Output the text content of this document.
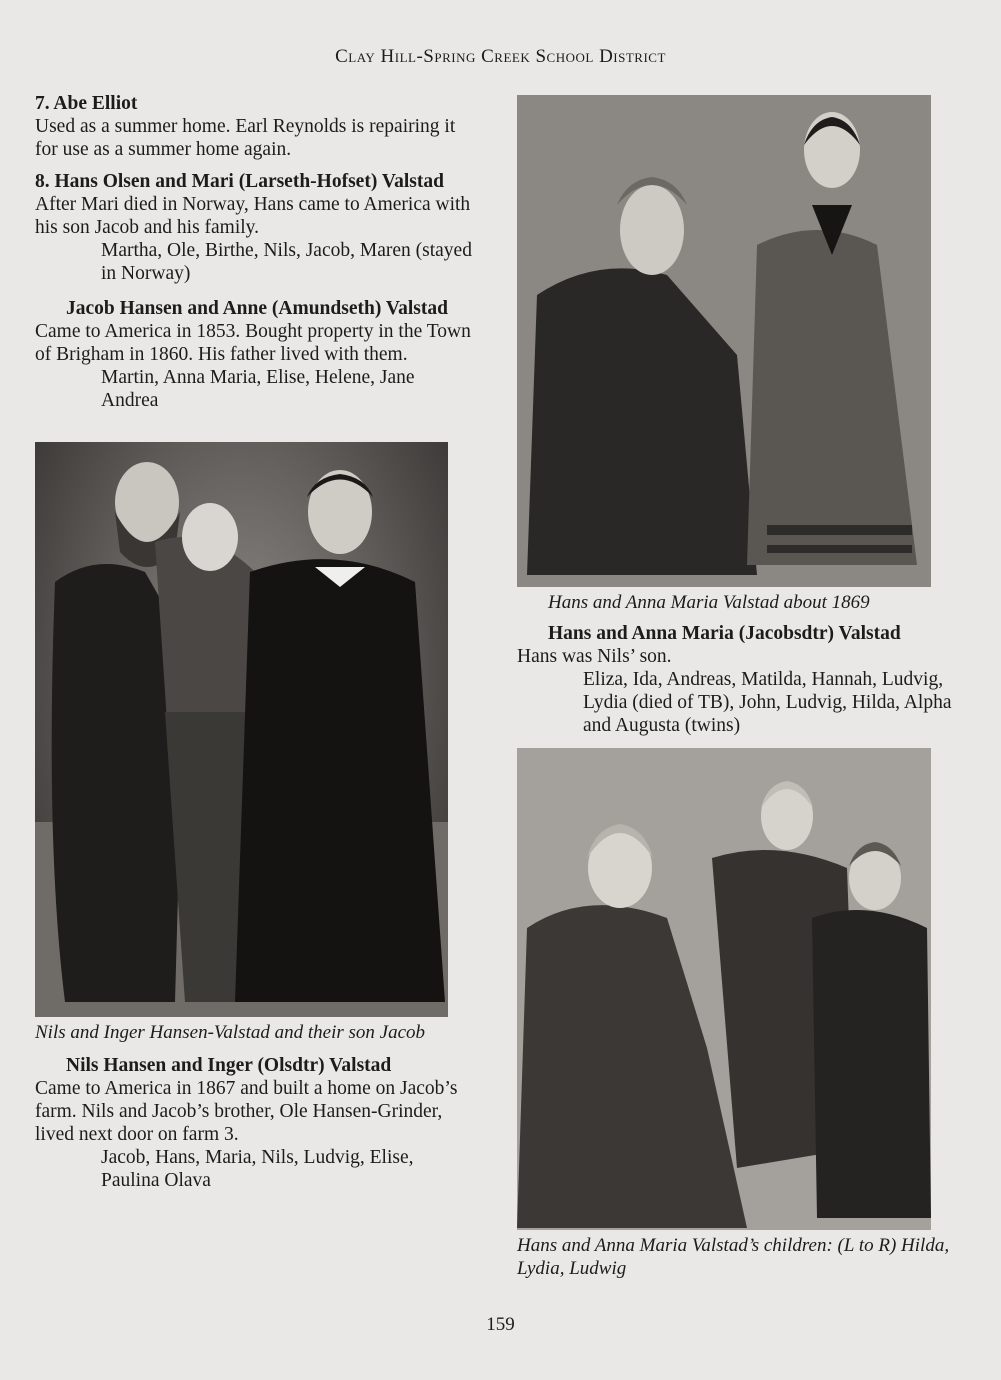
Clay Hill-Spring Creek School District

7. Abe Elliot

Used as a summer home. Earl Reynolds is repairing it for use as a summer home again.

8. Hans Olsen and Mari (Larseth-Hofset) Valstad

After Mari died in Norway, Hans came to America with his son Jacob and his family.

Martha, Ole, Birthe, Nils, Jacob, Maren (stayed in Norway)

Jacob Hansen and Anne (Amundseth) Valstad

Came to America in 1853. Bought property in the Town of Brigham in 1860. His father lived with them.

Martin, Anna Maria, Elise, Helene, Jane Andrea

Nils and Inger Hansen-Valstad and their son Jacob

Nils Hansen and Inger (Olsdtr) Valstad

Came to America in 1867 and built a home on Jacob’s farm. Nils and Jacob’s brother, Ole Hansen-Grinder, lived next door on farm 3.

Jacob, Hans, Maria, Nils, Ludvig, Elise, Paulina Olava

Hans and Anna Maria Valstad about 1869

Hans and Anna Maria (Jacobsdtr) Valstad

Hans was Nils’ son.

Eliza, Ida, Andreas, Matilda, Hannah, Ludvig, Lydia (died of TB), John, Ludvig, Hilda, Alpha and Augusta (twins)

Hans and Anna Maria Valstad’s children: (L to R) Hilda, Lydia, Ludwig
159
